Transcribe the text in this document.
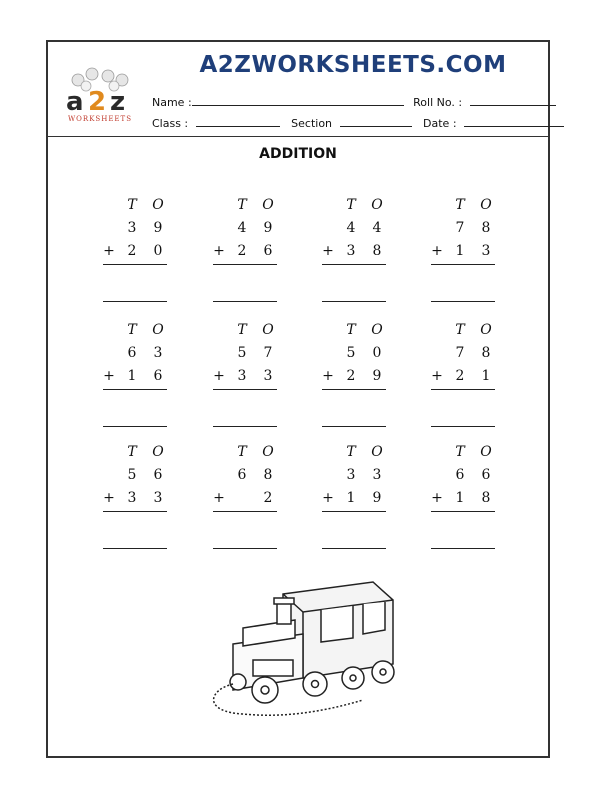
a 2 z
WORKSHEETS
A2ZWORKSHEETS.COM
Name :	Roll No. :
Class :	Section	Date :
ADDITION
T O
3 9
+ 2 0
T O
4 9
+ 2 6
T O
4 4
+ 3 8
T O
7 8
+ 1 3
T O
6 3
+ 1 6
T O
5 7
+ 3 3
T O
5 0
+ 2 9
T O
7 8
+ 2 1
T O
5 6
+ 3 3
T O
6 8
+	2
T O
3 3
+ 1 9
T O
6 6
+ 1 8
